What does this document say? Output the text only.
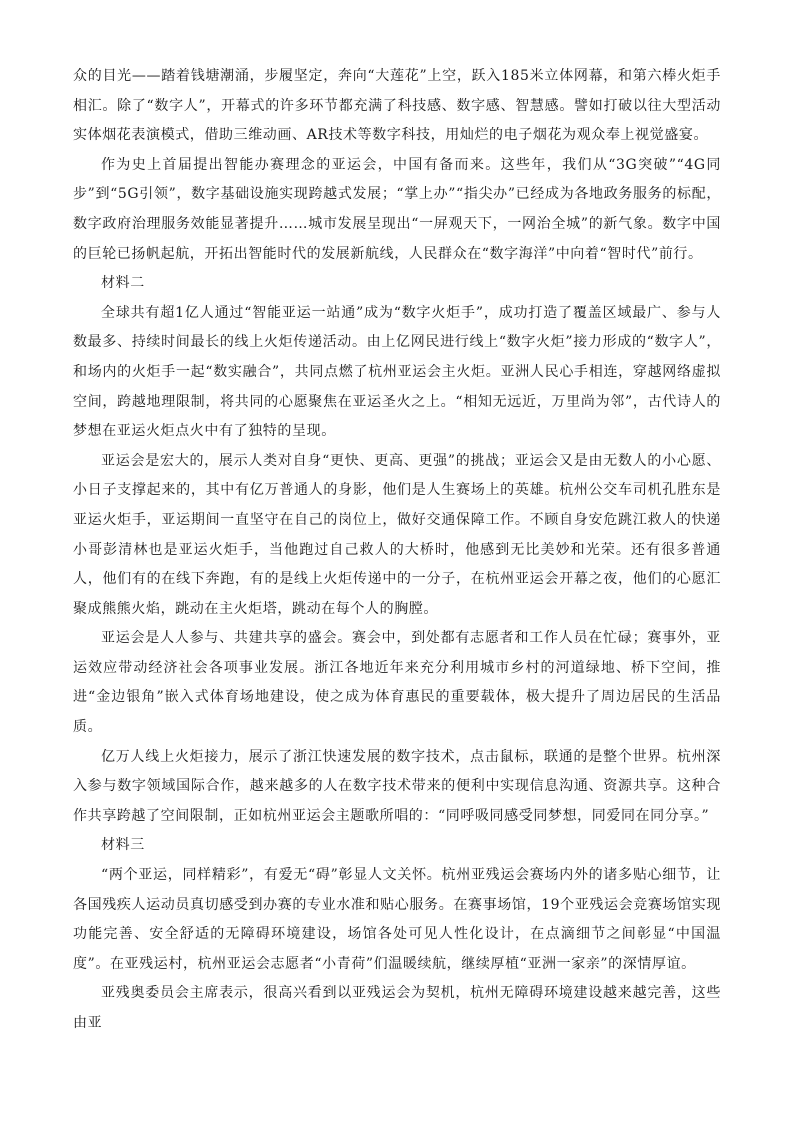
众的目光——踏着钱塘潮涌，步履坚定，奔向“大莲花”上空，跃入185米立体网幕，和第六棒火炬手相汇。除了“数字人”，开幕式的许多环节都充满了科技感、数字感、智慧感。譬如打破以往大型活动实体烟花表演模式，借助三维动画、AR技术等数字科技，用灿烂的电子烟花为观众奉上视觉盛宴。

作为史上首届提出智能办赛理念的亚运会，中国有备而来。这些年，我们从“3G突破”“4G同步”到“5G引领”，数字基础设施实现跨越式发展；“掌上办”“指尖办”已经成为各地政务服务的标配，数字政府治理服务效能显著提升……城市发展呈现出“一屏观天下，一网治全城”的新气象。数字中国的巨轮已扬帆起航，开拓出智能时代的发展新航线，人民群众在“数字海洋”中向着“智时代”前行。

材料二

全球共有超1亿人通过“智能亚运一站通”成为“数字火炬手”，成功打造了覆盖区域最广、参与人数最多、持续时间最长的线上火炬传递活动。由上亿网民进行线上“数字火炬”接力形成的“数字人”，和场内的火炬手一起“数实融合”，共同点燃了杭州亚运会主火炬。亚洲人民心手相连，穿越网络虚拟空间，跨越地理限制，将共同的心愿聚焦在亚运圣火之上。“相知无远近，万里尚为邻”，古代诗人的梦想在亚运火炬点火中有了独特的呈现。

亚运会是宏大的，展示人类对自身“更快、更高、更强”的挑战；亚运会又是由无数人的小心愿、小日子支撑起来的，其中有亿万普通人的身影，他们是人生赛场上的英雄。杭州公交车司机孔胜东是亚运火炬手，亚运期间一直坚守在自己的岗位上，做好交通保障工作。不顾自身安危跳江救人的快递小哥彭清林也是亚运火炬手，当他跑过自己救人的大桥时，他感到无比美妙和光荣。还有很多普通人，他们有的在线下奔跑，有的是线上火炬传递中的一分子，在杭州亚运会开幕之夜，他们的心愿汇聚成熊熊火焰，跳动在主火炬塔，跳动在每个人的胸膛。

亚运会是人人参与、共建共享的盛会。赛会中，到处都有志愿者和工作人员在忙碌；赛事外，亚运效应带动经济社会各项事业发展。浙江各地近年来充分利用城市乡村的河道绿地、桥下空间，推进“金边银角”嵌入式体育场地建设，使之成为体育惠民的重要载体，极大提升了周边居民的生活品质。

亿万人线上火炬接力，展示了浙江快速发展的数字技术，点击鼠标，联通的是整个世界。杭州深入参与数字领域国际合作，越来越多的人在数字技术带来的便利中实现信息沟通、资源共享。这种合作共享跨越了空间限制，正如杭州亚运会主题歌所唱的：“同呼吸同感受同梦想，同爱同在同分享。”

材料三

“两个亚运，同样精彩”，有爱无“碍”彰显人文关怀。杭州亚残运会赛场内外的诸多贴心细节，让各国残疾人运动员真切感受到办赛的专业水准和贴心服务。在赛事场馆，19个亚残运会竞赛场馆实现功能完善、安全舒适的无障碍环境建设，场馆各处可见人性化设计，在点滴细节之间彰显“中国温度”。在亚残运村，杭州亚运会志愿者“小青荷”们温暖续航，继续厚植“亚洲一家亲”的深情厚谊。

亚残奥委员会主席表示，很高兴看到以亚残运会为契机，杭州无障碍环境建设越来越完善，这些由亚
